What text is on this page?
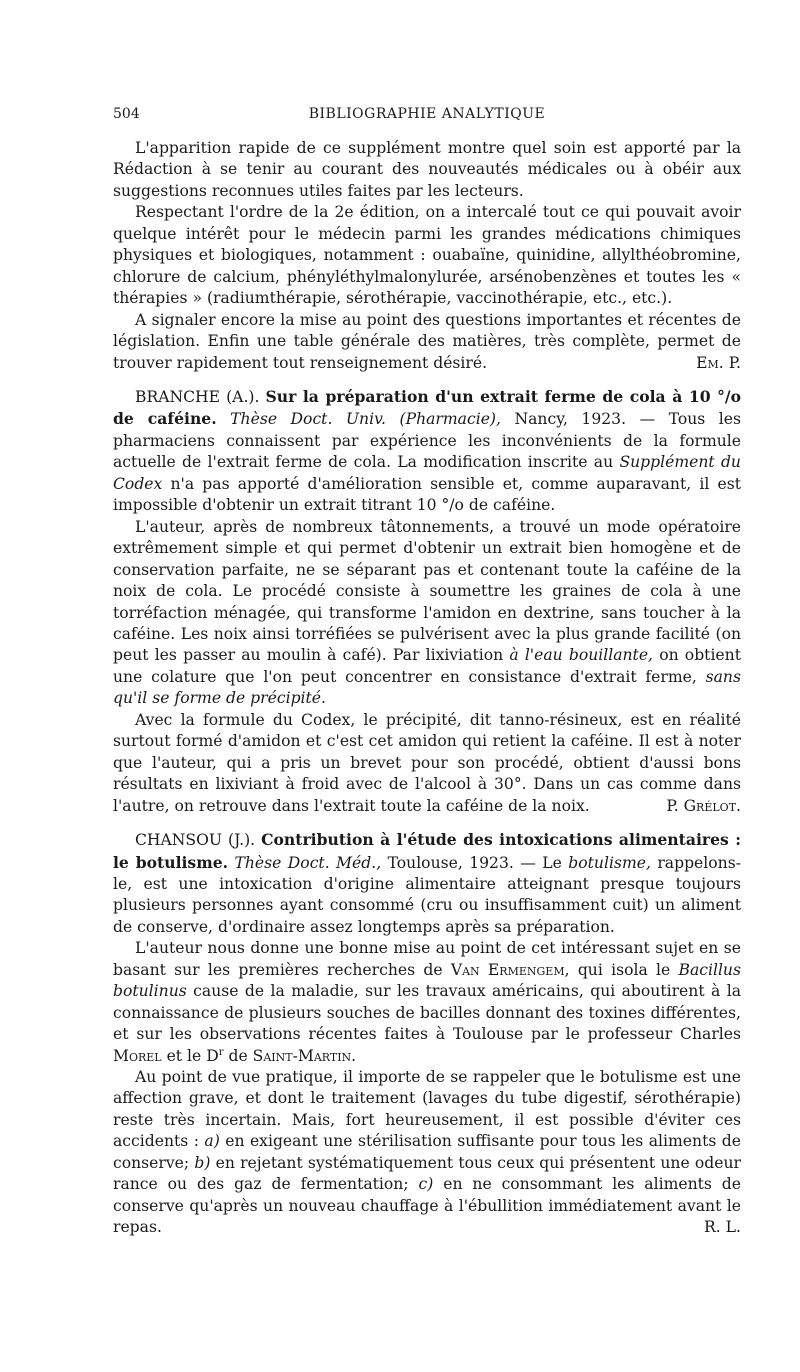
504	BIBLIOGRAPHIE ANALYTIQUE

L'apparition rapide de ce supplément montre quel soin est apporté par la Rédaction à se tenir au courant des nouveautés médicales ou à obéir aux suggestions reconnues utiles faites par les lecteurs.

Respectant l'ordre de la 2e édition, on a intercalé tout ce qui pouvait avoir quelque intérêt pour le médecin parmi les grandes médications chimiques physiques et biologiques, notamment : ouabaïne, quinidine, allylthéobromine, chlorure de calcium, phényléthylmalonylurée, arsénobenzènes et toutes les « thérapies » (radiumthérapie, sérothérapie, vaccinothérapie, etc., etc.).

A signaler encore la mise au point des questions importantes et récentes de législation. Enfin une table générale des matières, très complète, permet de trouver rapidement tout renseignement désiré.	Em. P.

BRANCHE (A.). Sur la préparation d'un extrait ferme de cola à 10 °/o de caféine. Thèse Doct. Univ. (Pharmacie), Nancy, 1923. — Tous les pharmaciens connaissent par expérience les inconvénients de la formule actuelle de l'extrait ferme de cola. La modification inscrite au Supplément du Codex n'a pas apporté d'amélioration sensible et, comme auparavant, il est impossible d'obtenir un extrait titrant 10 °/o de caféine.

L'auteur, après de nombreux tâtonnements, a trouvé un mode opératoire extrêmement simple et qui permet d'obtenir un extrait bien homogène et de conservation parfaite, ne se séparant pas et contenant toute la caféine de la noix de cola. Le procédé consiste à soumettre les graines de cola à une torréfaction ménagée, qui transforme l'amidon en dextrine, sans toucher à la caféine. Les noix ainsi torréfiées se pulvérisent avec la plus grande facilité (on peut les passer au moulin à café). Par lixiviation à l'eau bouillante, on obtient une colature que l'on peut concentrer en consistance d'extrait ferme, sans qu'il se forme de précipité.

Avec la formule du Codex, le précipité, dit tanno-résineux, est en réalité surtout formé d'amidon et c'est cet amidon qui retient la caféine. Il est à noter que l'auteur, qui a pris un brevet pour son procédé, obtient d'aussi bons résultats en lixiviant à froid avec de l'alcool à 30°. Dans un cas comme dans l'autre, on retrouve dans l'extrait toute la caféine de la noix.	P. Grélot.

CHANSOU (J.). Contribution à l'étude des intoxications alimentaires : le botulisme. Thèse Doct. Méd., Toulouse, 1923. — Le botulisme, rappelons-le, est une intoxication d'origine alimentaire atteignant presque toujours plusieurs personnes ayant consommé (cru ou insuffisamment cuit) un aliment de conserve, d'ordinaire assez longtemps après sa préparation.

L'auteur nous donne une bonne mise au point de cet intéressant sujet en se basant sur les premières recherches de Van Ermengem, qui isola le Bacillus botulinus cause de la maladie, sur les travaux américains, qui aboutirent à la connaissance de plusieurs souches de bacilles donnant des toxines différentes, et sur les observations récentes faites à Toulouse par le professeur Charles Morel et le $D^r$ de Saint-Martin.

Au point de vue pratique, il importe de se rappeler que le botulisme est une affection grave, et dont le traitement (lavages du tube digestif, sérothérapie) reste très incertain. Mais, fort heureusement, il est possible d'éviter ces accidents : a) en exigeant une stérilisation suffisante pour tous les aliments de conserve; b) en rejetant systématiquement tous ceux qui présentent une odeur rance ou des gaz de fermentation; c) en ne consommant les aliments de conserve qu'après un nouveau chauffage à l'ébullition immédiatement avant le repas.	R. L.
